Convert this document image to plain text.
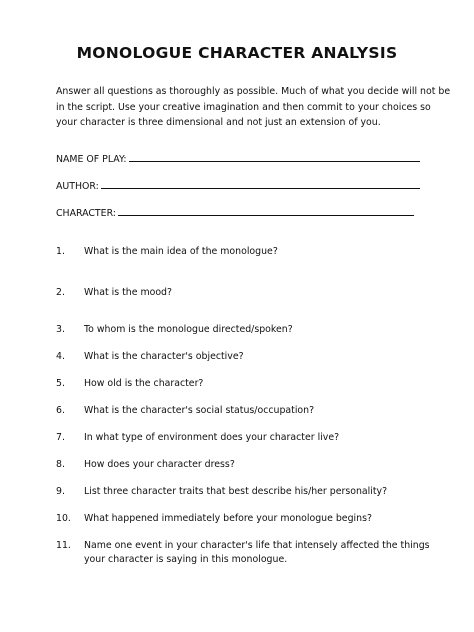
MONOLOGUE CHARACTER ANALYSIS
Answer all questions as thoroughly as possible. Much of what you decide will not be
in the script. Use your creative imagination and then commit to your choices so
your character is three dimensional and not just an extension of you.
NAME OF PLAY:
AUTHOR:
CHARACTER:
1. What is the main idea of the monologue?
2. What is the mood?
3. To whom is the monologue directed/spoken?
4. What is the character's objective?
5. How old is the character?
6. What is the character's social status/occupation?
7. In what type of environment does your character live?
8. How does your character dress?
9. List three character traits that best describe his/her personality?
10. What happened immediately before your monologue begins?
11. Name one event in your character's life that intensely affected the things
your character is saying in this monologue.
